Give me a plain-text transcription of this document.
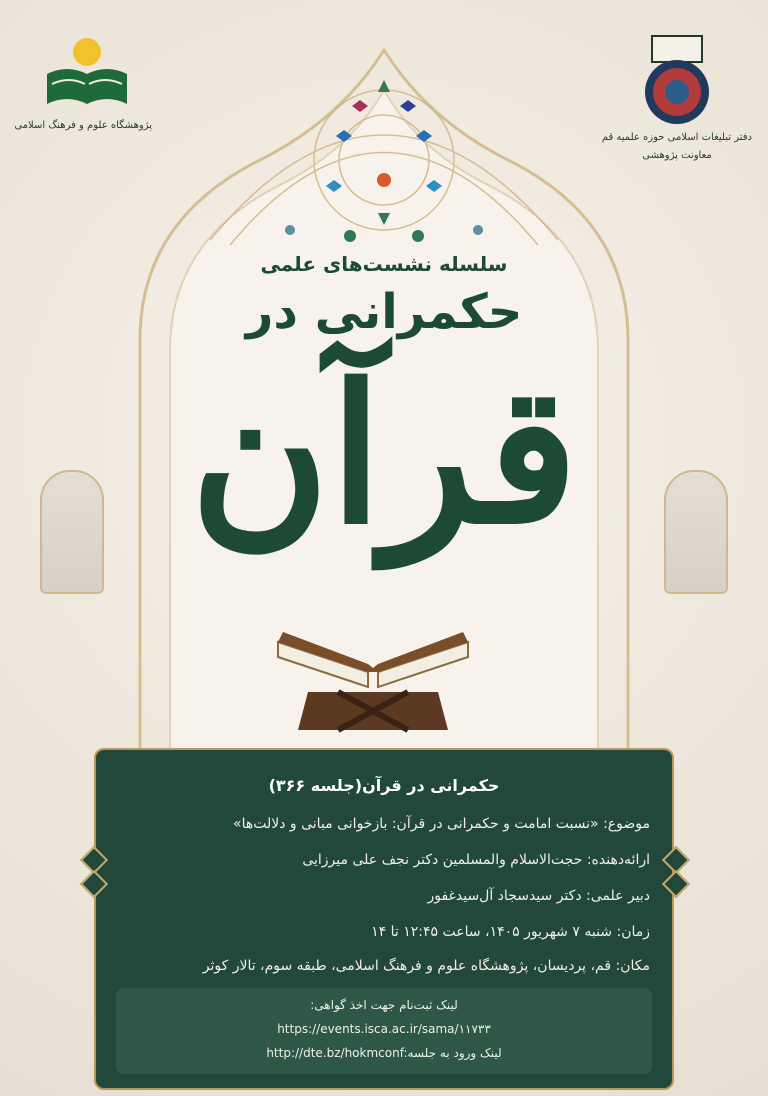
پژوهشگاه علوم و فرهنگ اسلامی
دفتر تبلیغات اسلامی حوزه علمیه قم
معاونت پژوهشی
سلسله نشست‌های علمی
حکمرانی در
قرآن
حکمرانی در قرآن(جلسه ۳۶۶)
موضوع: «نسبت امامت و حکمرانی در قرآن: بازخوانی مبانی و دلالت‌ها»
ارائه‌دهنده: حجت‌الاسلام والمسلمین دکتر نجف علی میرزایی
دبیر علمی: دکتر سیدسجاد آل‌سیدغفور
زمان: شنبه ۷ شهریور ۱۴۰۵، ساعت ۱۲:۴۵ تا ۱۴
مکان: قم، پردیسان، پژوهشگاه علوم و فرهنگ اسلامی، طبقه سوم، تالار کوثر
لینک ثبت‌نام جهت اخذ گواهی:
https://events.isca.ac.ir/sama/۱۱۷۳۳
http://dte.bz/hokmconf:لینک ورود به جلسه
